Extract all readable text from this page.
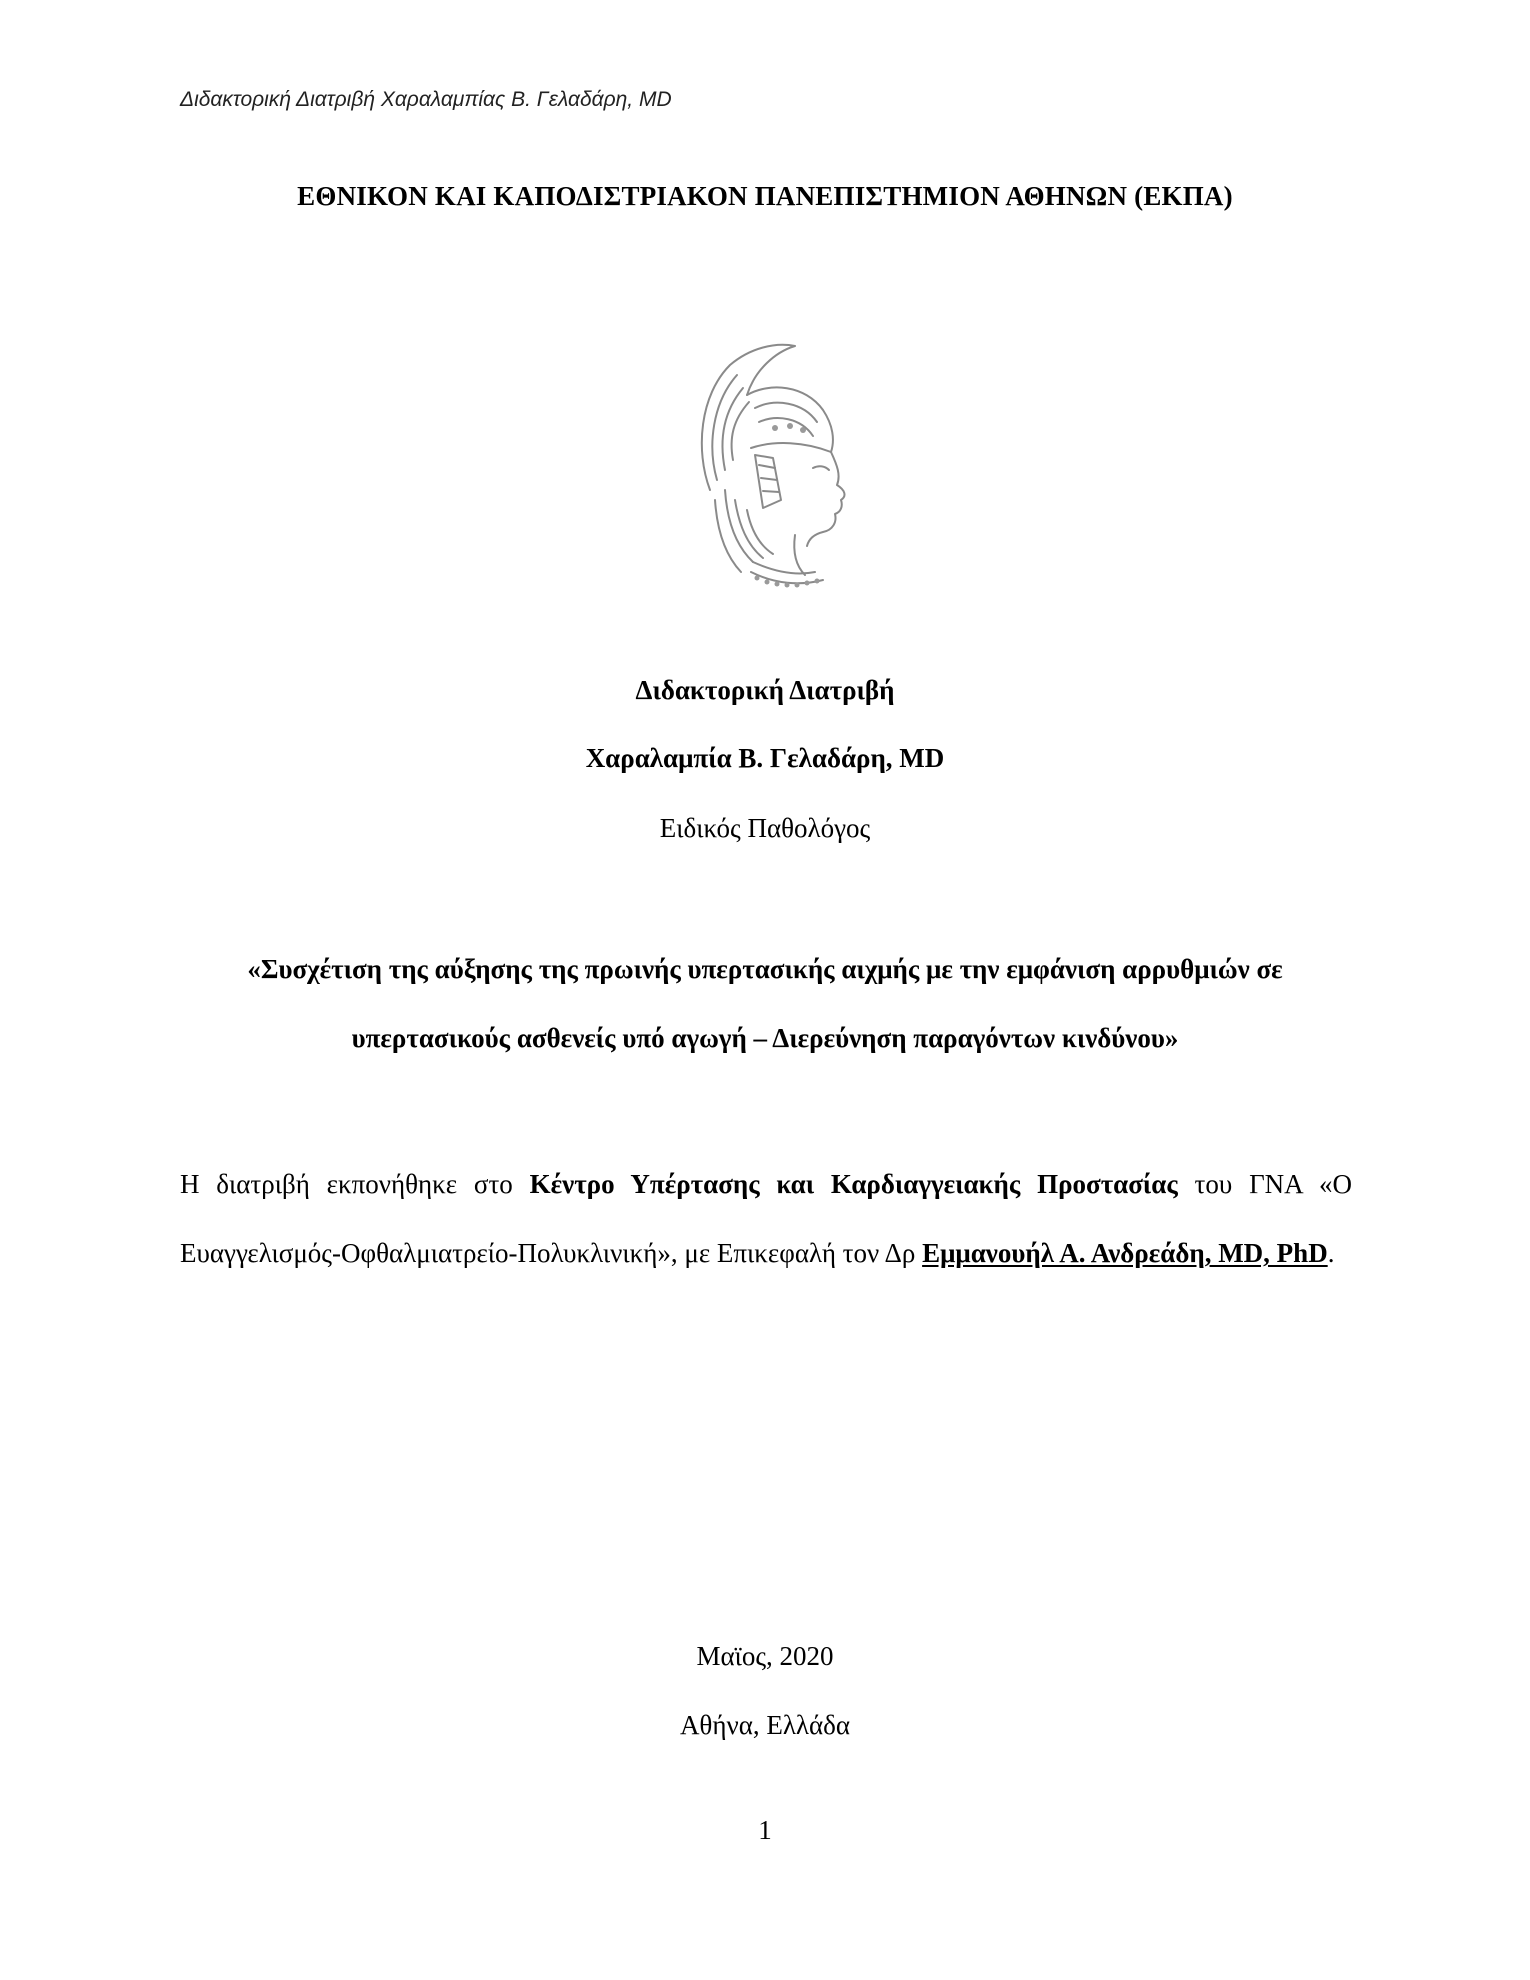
Διδακτορική Διατριβή Χαραλαμπίας Β. Γελαδάρη, MD
ΕΘΝΙΚΟΝ ΚΑΙ ΚΑΠΟΔΙΣΤΡΙΑΚΟΝ ΠΑΝΕΠΙΣΤΗΜΙΟΝ ΑΘΗΝΩΝ (ΕΚΠΑ)
Διδακτορική Διατριβή
Χαραλαμπία Β. Γελαδάρη, MD
Ειδικός Παθολόγος
«Συσχέτιση της αύξησης της πρωινής υπερτασικής αιχμής με την εμφάνιση αρρυθμιών σε
υπερτασικούς ασθενείς υπό αγωγή – Διερεύνηση παραγόντων κινδύνου»
Η διατριβή εκπονήθηκε στο Κέντρο Υπέρτασης και Καρδιαγγειακής Προστασίας του ΓΝΑ «Ο Ευαγγελισμός-Οφθαλμιατρείο-Πολυκλινική», με Επικεφαλή τον Δρ Εμμανουήλ Α. Ανδρεάδη, MD, PhD.
Μαϊος, 2020
Αθήνα, Ελλάδα
1
